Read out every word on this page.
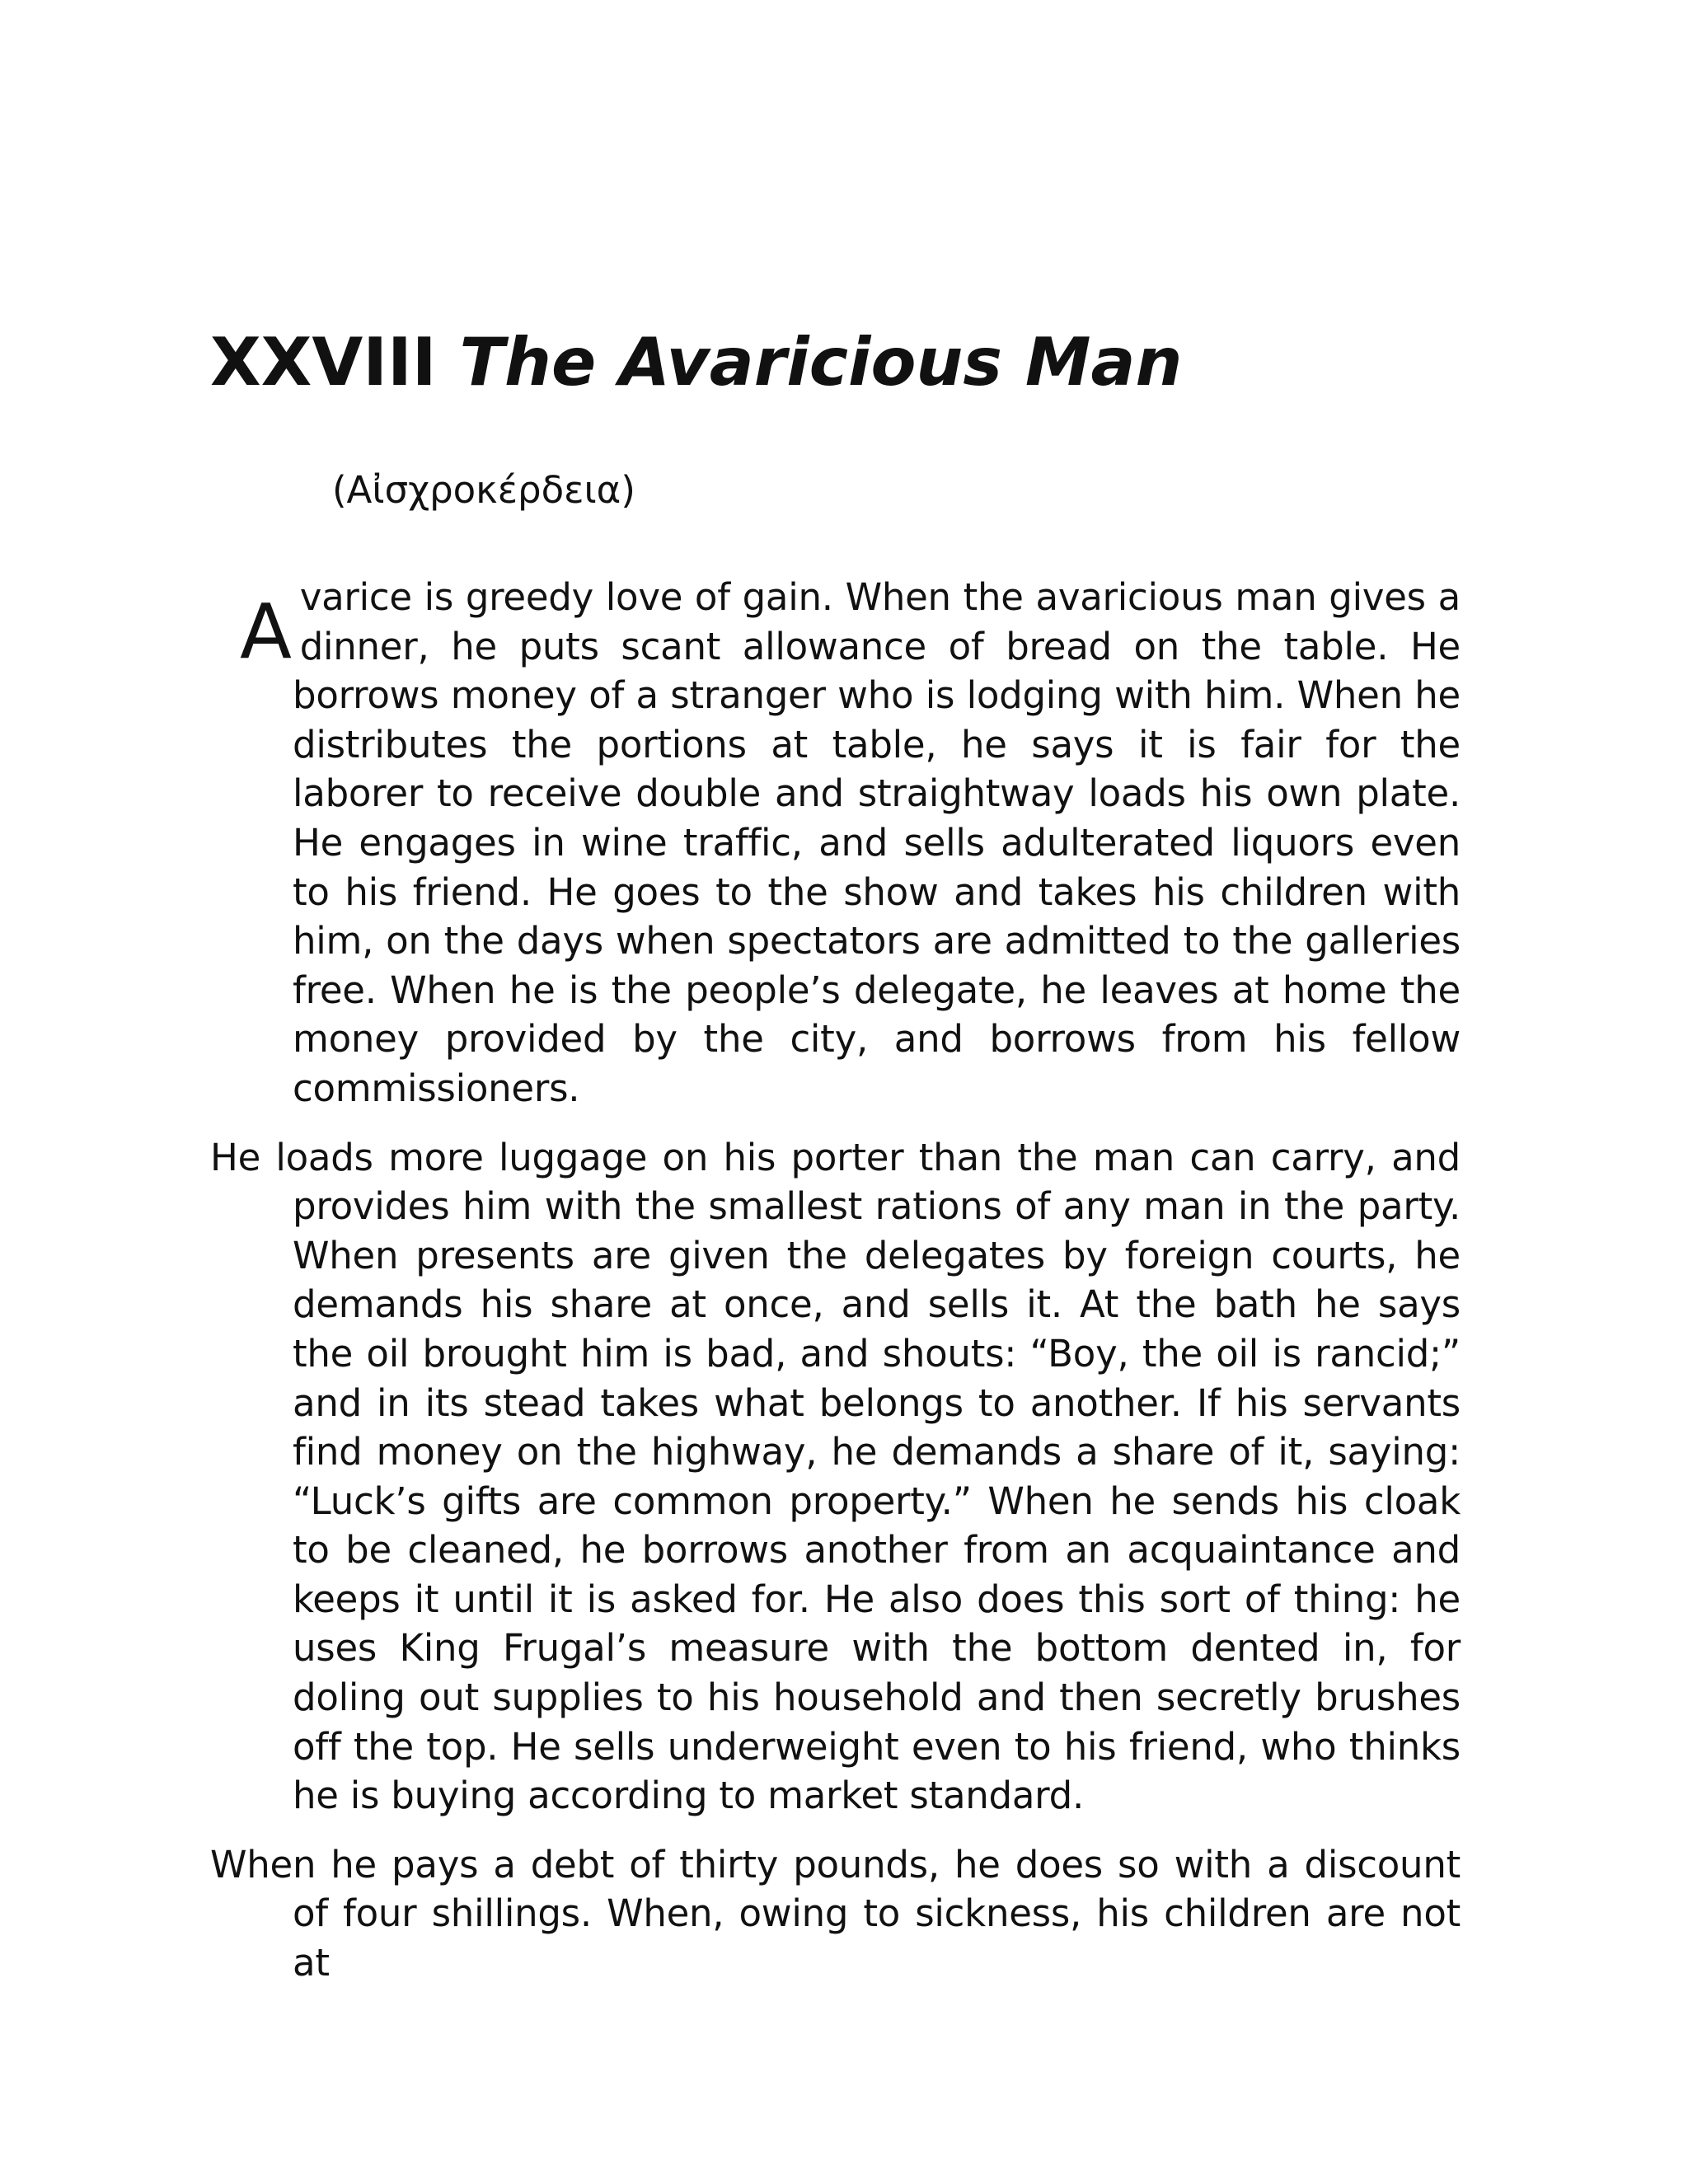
XXVIII The Avaricious Man

(Αἰσχροκέρδεια)

Avarice is greedy love of gain. When the avaricious man gives a dinner, he puts scant allowance of bread on the table. He borrows money of a stranger who is lodging with him. When he distributes the portions at table, he says it is fair for the laborer to receive double and straightway loads his own plate. He engages in wine traffic, and sells adulterated liquors even to his friend. He goes to the show and takes his children with him, on the days when spectators are admitted to the galleries free. When he is the people’s delegate, he leaves at home the money provided by the city, and borrows from his fellow commissioners.

He loads more luggage on his porter than the man can carry, and provides him with the smallest rations of any man in the party. When presents are given the delegates by foreign courts, he demands his share at once, and sells it. At the bath he says the oil brought him is bad, and shouts: “Boy, the oil is rancid;” and in its stead takes what belongs to another. If his servants find money on the highway, he demands a share of it, saying: “Luck’s gifts are common property.” When he sends his cloak to be cleaned, he borrows another from an acquaintance and keeps it until it is asked for. He also does this sort of thing: he uses King Frugal’s measure with the bottom dented in, for doling out supplies to his household and then secretly brushes off the top. He sells underweight even to his friend, who thinks he is buying according to market standard.

When he pays a debt of thirty pounds, he does so with a discount of four shillings. When, owing to sickness, his children are not at
